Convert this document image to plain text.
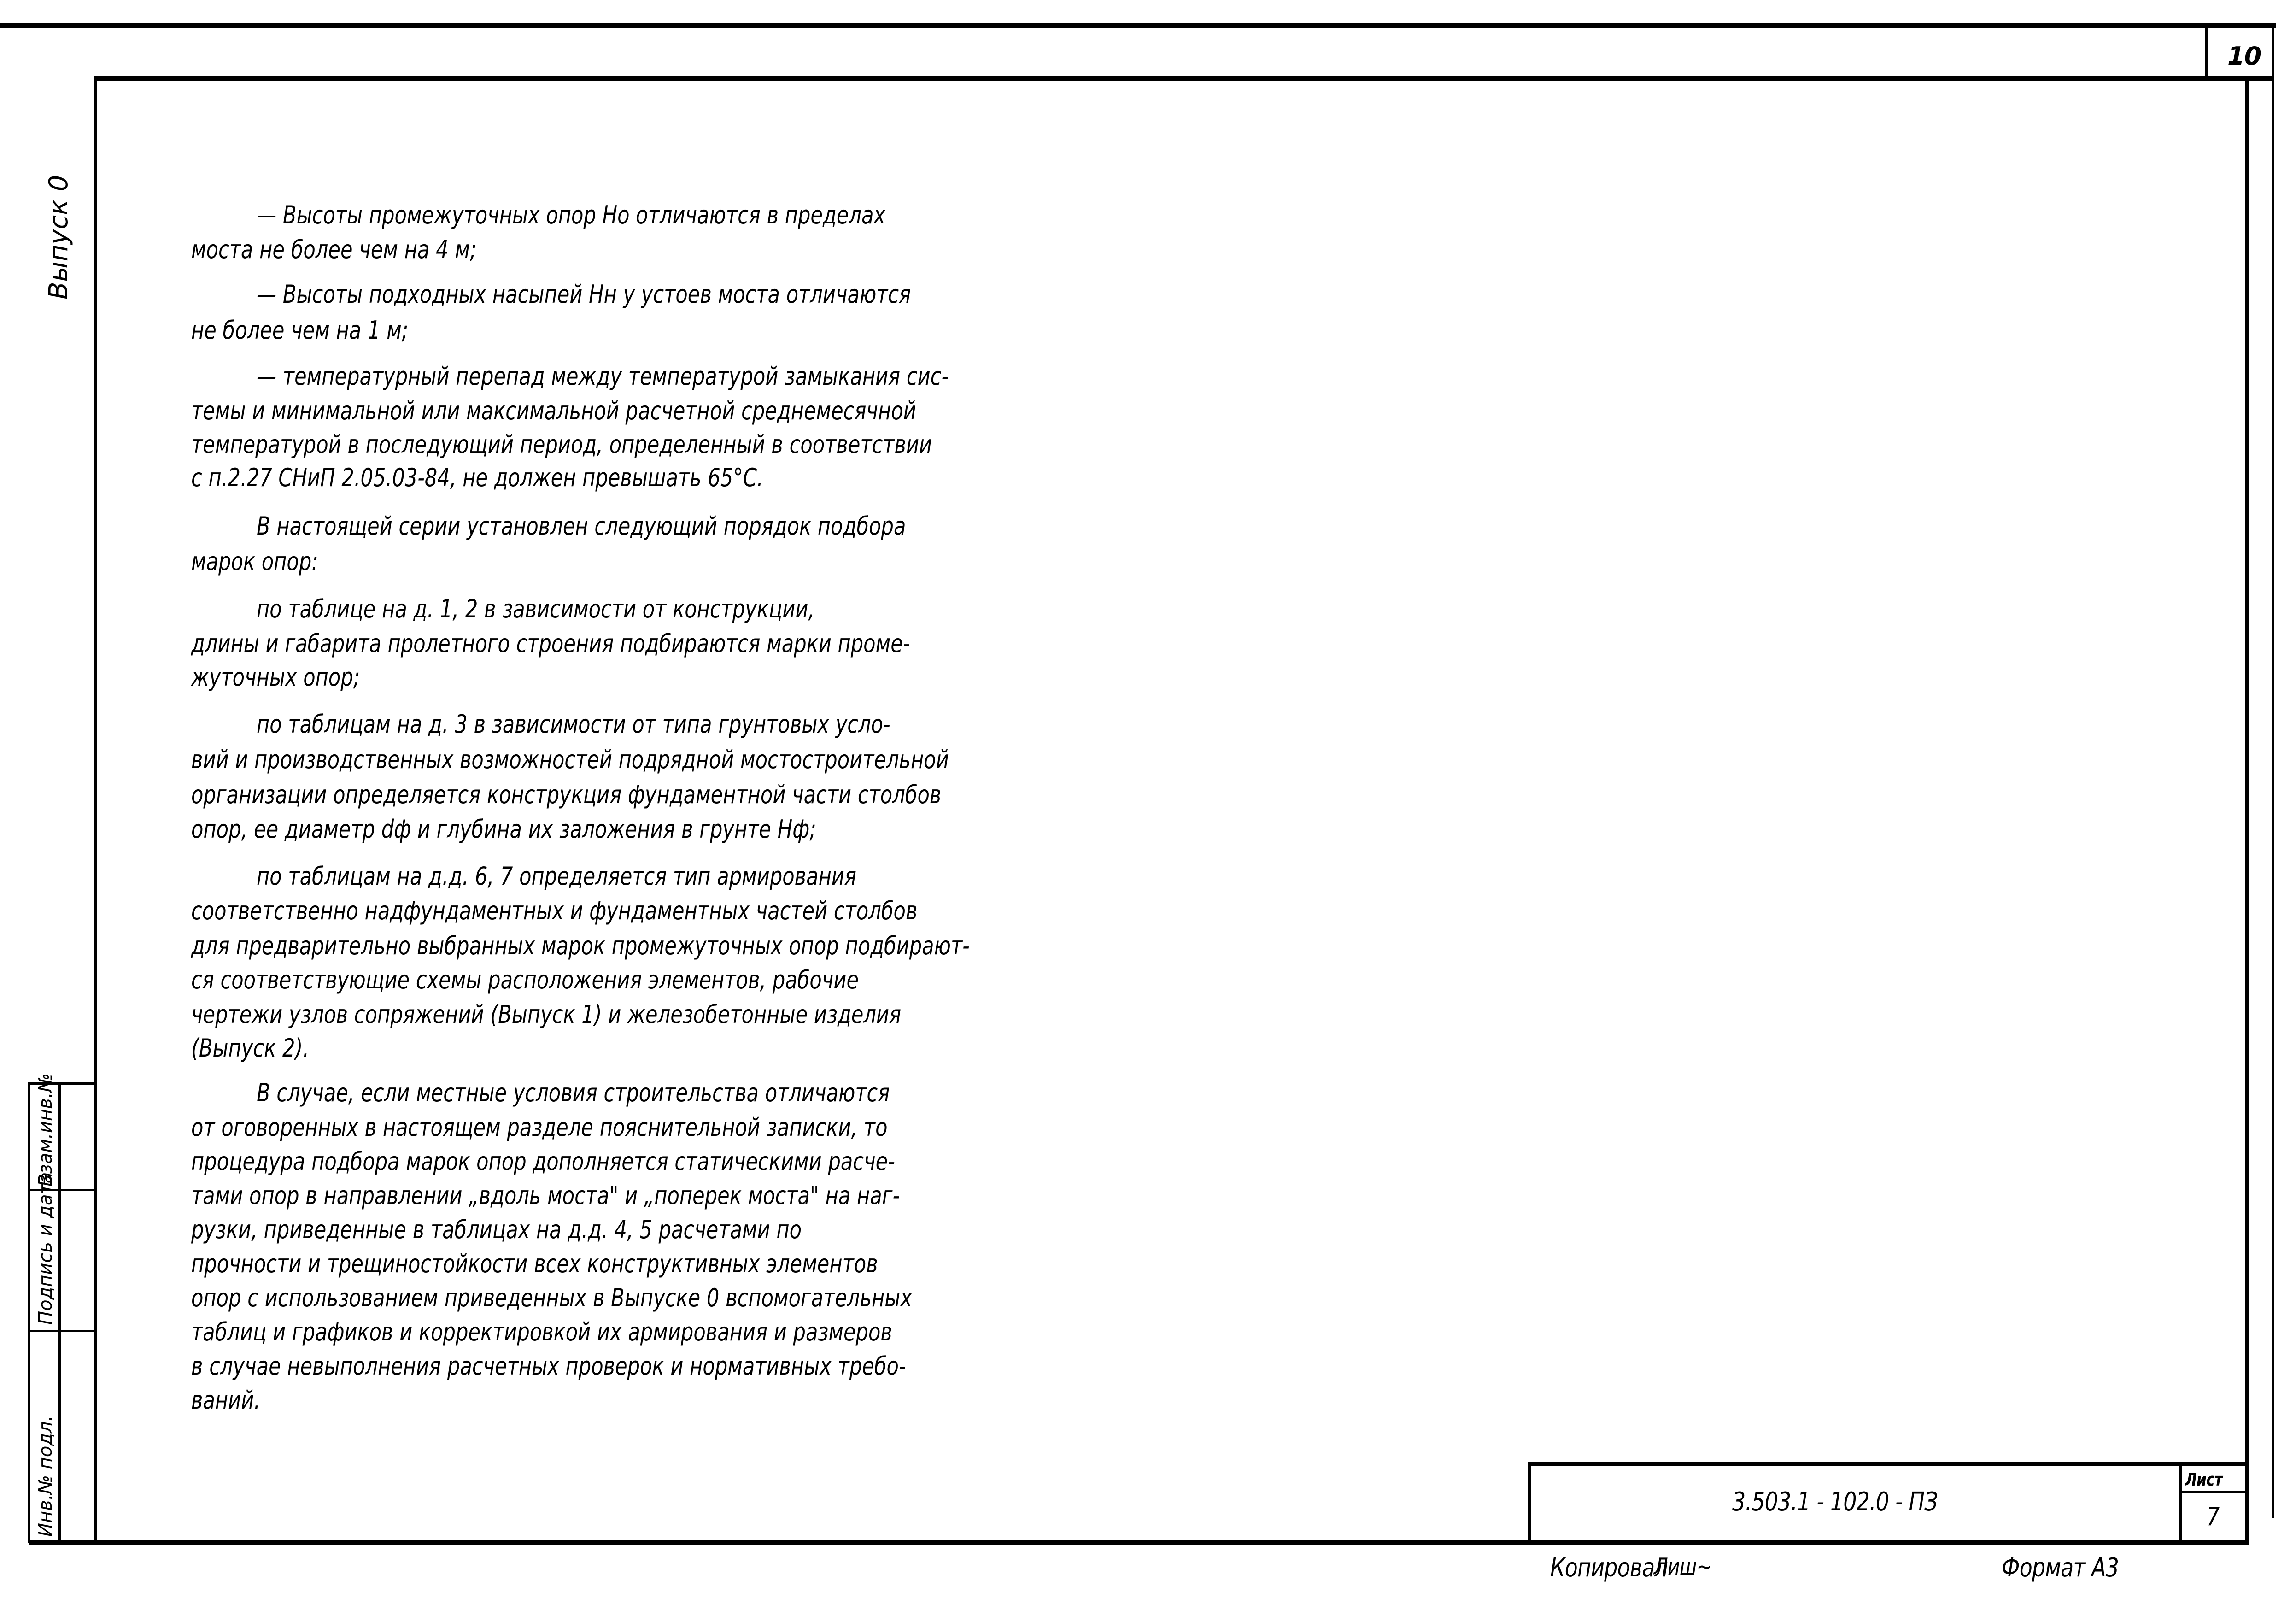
10
Выпуск 0
Взам.инв.№
Подпись и дата
Инв.№ подл.
— Высоты промежуточных опор Но отличаются в пределах
моста не более чем на 4 м;
— Высоты подходных насыпей Нн у устоев моста отличаются
не более чем на 1 м;
— температурный перепад между температурой замыкания сис-
темы и минимальной или максимальной расчетной среднемесячной
температурой в последующий период, определенный в соответствии
с п.2.27 СНиП 2.05.03-84, не должен превышать 65°С.
В настоящей серии установлен следующий порядок подбора
марок опор:
по таблице на д. 1, 2 в зависимости от конструкции,
длины и габарита пролетного строения подбираются марки проме-
жуточных опор;
по таблицам на д. 3 в зависимости от типа грунтовых усло-
вий и производственных возможностей подрядной мостостроительной
организации определяется конструкция фундаментной части столбов
опор, ее диаметр dф и глубина их заложения в грунте Нф;
по таблицам на д.д. 6, 7 определяется тип армирования
соответственно надфундаментных и фундаментных частей столбов
для предварительно выбранных марок промежуточных опор подбирают-
ся соответствующие схемы расположения элементов, рабочие
чертежи узлов сопряжений (Выпуск 1) и железобетонные изделия
(Выпуск 2).
В случае, если местные условия строительства отличаются
от оговоренных в настоящем разделе пояснительной записки, то
процедура подбора марок опор дополняется статическими расче-
тами опор в направлении „вдоль моста" и „поперек моста" на наг-
рузки, приведенные в таблицах на д.д. 4, 5 расчетами по
прочности и трещиностойкости всех конструктивных элементов
опор с использованием приведенных в Выпуске 0 вспомогательных
таблиц и графиков и корректировкой их армирования и размеров
в случае невыполнения расчетных проверок и нормативных требо-
ваний.
3.503.1 - 102.0 - ПЗ
Лист
7
Копировал
Лиш~	Формат А3
